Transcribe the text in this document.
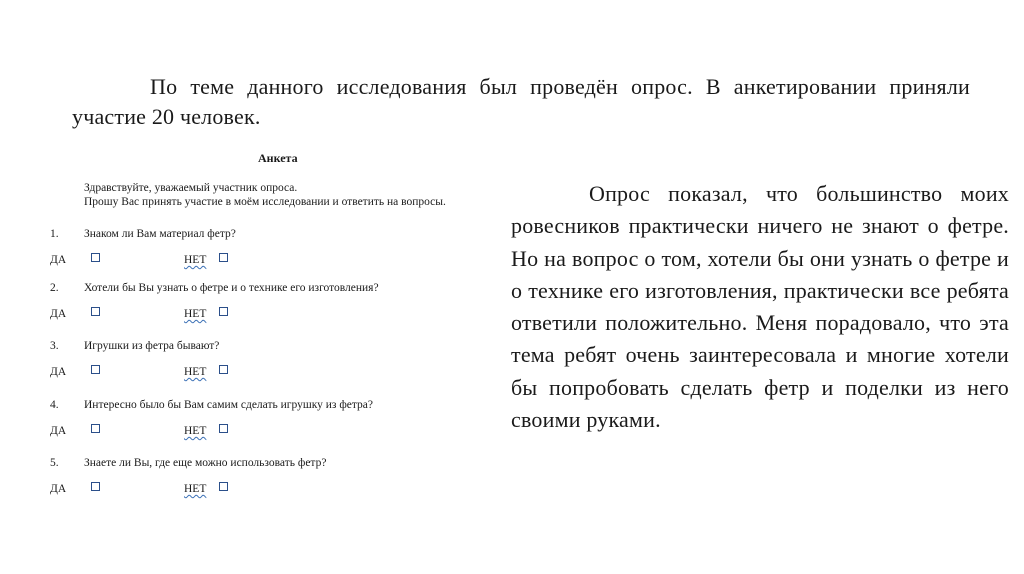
По теме данного исследования был проведён опрос. В анкетировании приняли участие 20 человек.

Анкета

Здравствуйте, уважаемый участник опроса.
Прошу Вас принять участие в моём исследовании и ответить на вопросы.

1. Знаком ли Вам материал фетр?
ДА	НЕТ
2. Хотели бы Вы узнать о фетре и о технике его изготовления?
ДА	НЕТ
3. Игрушки из фетра бывают?
ДА	НЕТ
4. Интересно было бы Вам самим сделать игрушку из фетра?
ДА	НЕТ
5. Знаете ли Вы, где еще можно использовать фетр?
ДА	НЕТ

Опрос показал, что большинство моих ровесников практически ничего не знают о фетре. Но на вопрос о том, хотели бы они узнать о фетре и о технике его изготовления, практически все ребята ответили положительно. Меня порадовало, что эта тема ребят очень заинтересовала и многие хотели бы попробовать сделать фетр и поделки из него своими руками.
